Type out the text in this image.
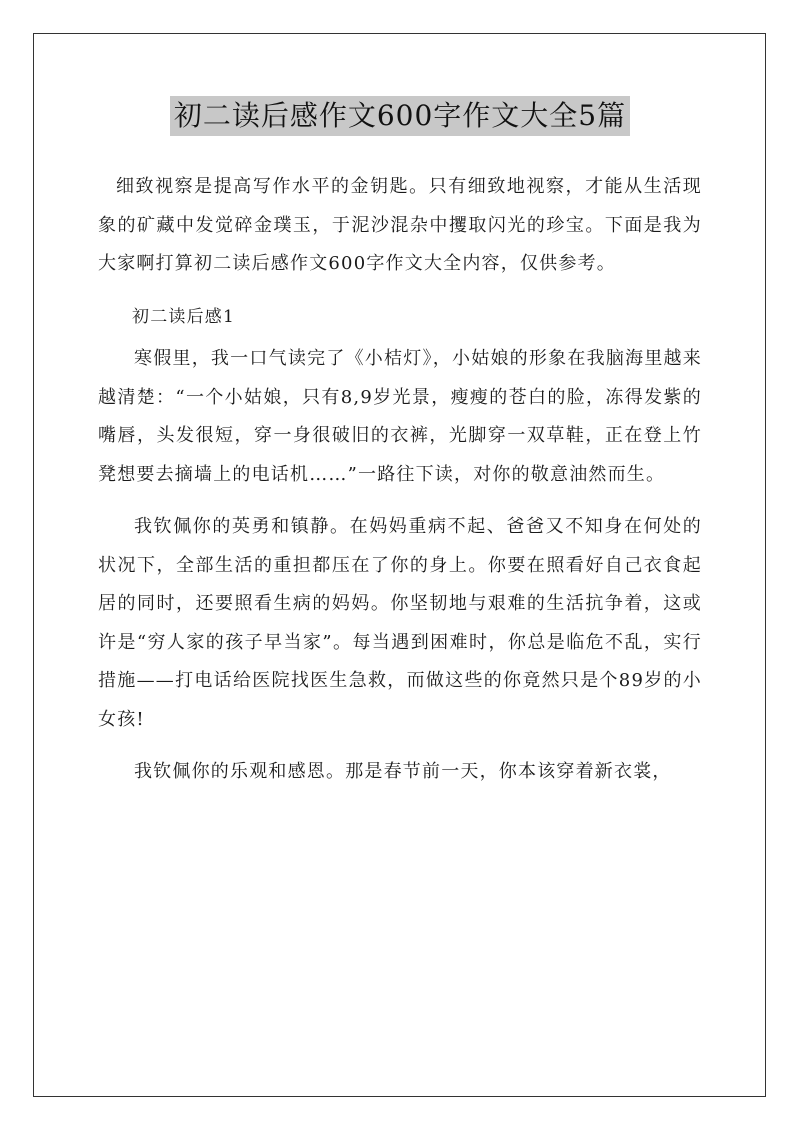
初二读后感作文600字作文大全5篇

细致视察是提高写作水平的金钥匙。只有细致地视察，才能从生活现象的矿藏中发觉碎金璞玉，于泥沙混杂中攫取闪光的珍宝。下面是我为大家啊打算初二读后感作文600字作文大全内容，仅供参考。

初二读后感1

寒假里，我一口气读完了《小桔灯》，小姑娘的形象在我脑海里越来越清楚：“一个小姑娘，只有8,9岁光景，瘦瘦的苍白的脸，冻得发紫的嘴唇，头发很短，穿一身很破旧的衣裤，光脚穿一双草鞋，正在登上竹凳想要去摘墙上的电话机……”一路往下读，对你的敬意油然而生。

我钦佩你的英勇和镇静。在妈妈重病不起、爸爸又不知身在何处的状况下，全部生活的重担都压在了你的身上。你要在照看好自己衣食起居的同时，还要照看生病的妈妈。你坚韧地与艰难的生活抗争着，这或许是“穷人家的孩子早当家”。每当遇到困难时，你总是临危不乱，实行措施——打电话给医院找医生急救，而做这些的你竟然只是个89岁的小女孩!

我钦佩你的乐观和感恩。那是春节前一天，你本该穿着新衣裳，
